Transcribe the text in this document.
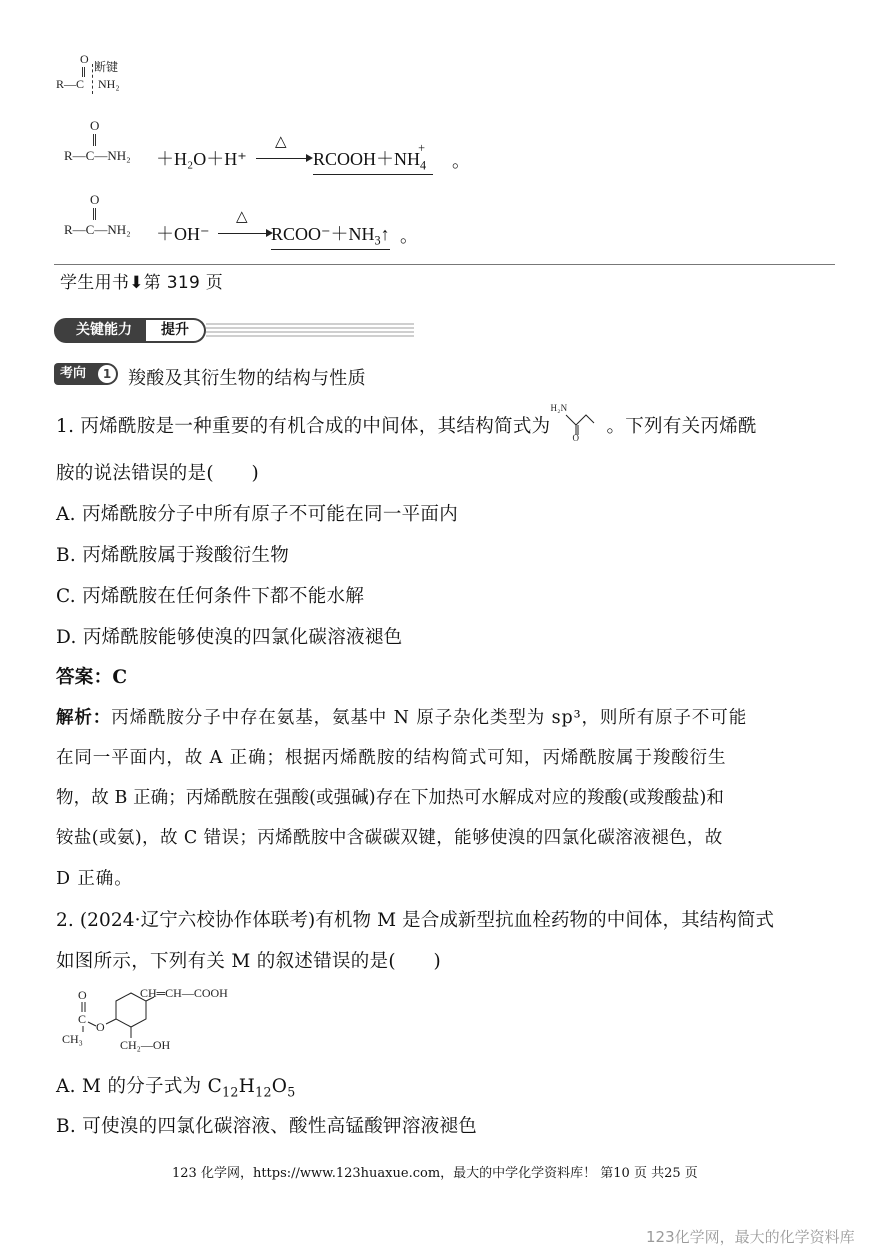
O
断键
R—C NH₂
O
R—C—NH₂ ＋H₂O＋H⁺
△
$RCOOH+NH_4^+$
。
O
R—C—NH₂ ＋OH⁻
△
$RCOO^-+NH_3↑$ 。
学生用书⬇第 319 页
关键能力	提升
考向	1 羧酸及其衍生物的结构与性质
1. 丙烯酰胺是一种重要的有机合成的中间体，其结构简式为
H₂N
O
。下列有关丙烯酰
胺的说法错误的是(　　)
A. 丙烯酰胺分子中所有原子不可能在同一平面内
B. 丙烯酰胺属于羧酸衍生物
C. 丙烯酰胺在任何条件下都不能水解
D. 丙烯酰胺能够使溴的四氯化碳溶液褪色
答案：C
解析：丙烯酰胺分子中存在氨基，氨基中 N 原子杂化类型为 sp³，则所有原子不可能
在同一平面内，故 A 正确；根据丙烯酰胺的结构简式可知，丙烯酰胺属于羧酸衍生
物，故 B 正确；丙烯酰胺在强酸(或强碱)存在下加热可水解成对应的羧酸(或羧酸盐)和
铵盐(或氨)，故 C 错误；丙烯酰胺中含碳碳双键，能够使溴的四氯化碳溶液褪色，故
D 正确。
2. (2024·辽宁六校协作体联考)有机物 M 是合成新型抗血栓药物的中间体，其结构简式
如图所示，下列有关 M 的叙述错误的是(　　)
CH═CH—COOH
O
C
O
CH₃	CH₂—OH
A. M 的分子式为 $C_{12}H_{12}O_5$
B. 可使溴的四氯化碳溶液、酸性高锰酸钾溶液褪色
123 化学网，https://www.123huaxue.com，最大的中学化学资料库！ 第10 页 共25 页
123化学网，最大的化学资料库
